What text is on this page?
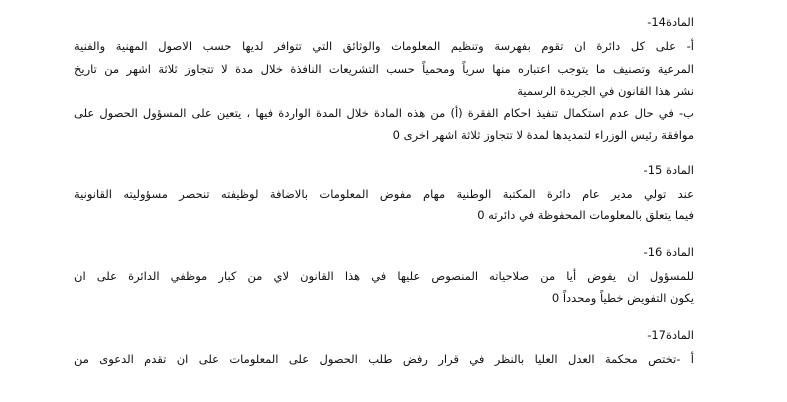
المادة14-
أ- على كل دائرة ان تقوم بفهرسة وتنظيم المعلومات والوثائق التي تتوافر لديها حسب الاصول المهنية والفنية
المرعية وتصنيف ما يتوجب اعتباره منها سرياً ومحمياً حسب التشريعات النافذة خلال مدة لا تتجاوز ثلاثة اشهر من تاريخ
نشر هذا القانون في الجريدة الرسمية
ب- في حال عدم استكمال تنفيذ احكام الفقرة (أ) من هذه المادة خلال المدة الواردة فيها ، يتعين على المسؤول الحصول على
موافقة رئيس الوزراء لتمديدها لمدة لا تتجاوز ثلاثة اشهر اخرى 0
المادة 15-
عند تولي مدير عام دائرة المكتبة الوطنية مهام مفوض المعلومات بالاضافة لوظيفته تنحصر مسؤوليته القانونية
فيما يتعلق بالمعلومات المحفوظة في دائرته 0
المادة 16-
للمسؤول ان يفوض أيا من صلاحياته المنصوص عليها في هذا القانون لاي من كبار موظفي الدائرة على ان
يكون التفويض خطياً ومحدداً 0
المادة17-
أ -تختص محكمة العدل العليا بالنظر في قرار رفض طلب الحصول على المعلومات على ان تقدم الدعوى من
